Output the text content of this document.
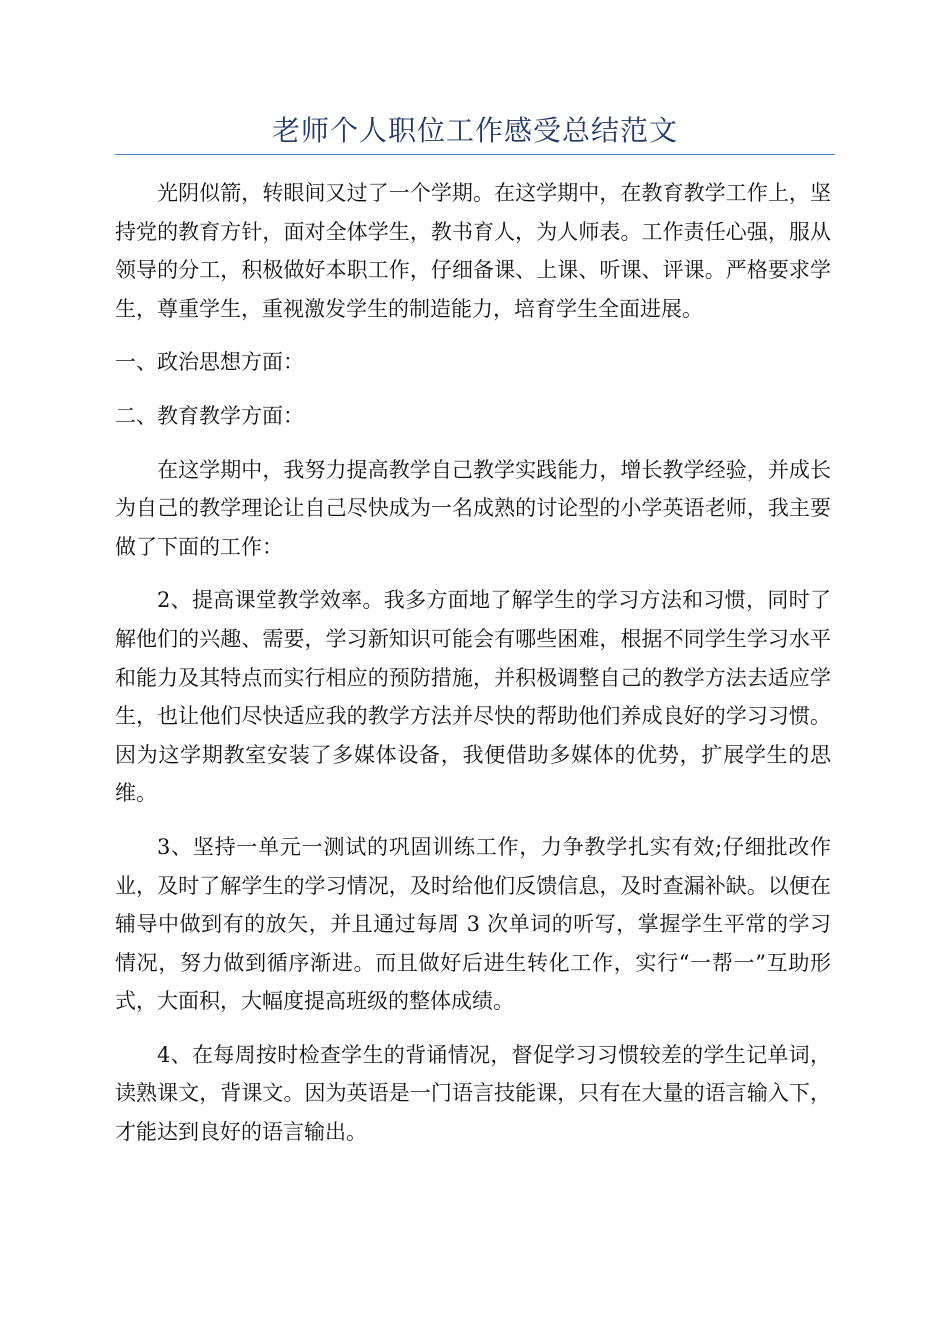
老师个人职位工作感受总结范文

光阴似箭，转眼间又过了一个学期。在这学期中，在教育教学工作上，坚持党的教育方针，面对全体学生，教书育人，为人师表。工作责任心强，服从领导的分工，积极做好本职工作，仔细备课、上课、听课、评课。严格要求学生，尊重学生，重视激发学生的制造能力，培育学生全面进展。

一、政治思想方面：

二、教育教学方面：

在这学期中，我努力提高教学自己教学实践能力，增长教学经验，并成长为自己的教学理论让自己尽快成为一名成熟的讨论型的小学英语老师，我主要做了下面的工作：

2、提高课堂教学效率。我多方面地了解学生的学习方法和习惯，同时了解他们的兴趣、需要，学习新知识可能会有哪些困难，根据不同学生学习水平和能力及其特点而实行相应的预防措施，并积极调整自己的教学方法去适应学生，也让他们尽快适应我的教学方法并尽快的帮助他们养成良好的学习习惯。因为这学期教室安装了多媒体设备，我便借助多媒体的优势，扩展学生的思维。

3、坚持一单元一测试的巩固训练工作，力争教学扎实有效;仔细批改作业，及时了解学生的学习情况，及时给他们反馈信息，及时查漏补缺。以便在辅导中做到有的放矢，并且通过每周 3 次单词的听写，掌握学生平常的学习情况，努力做到循序渐进。而且做好后进生转化工作，实行“一帮一”互助形式，大面积，大幅度提高班级的整体成绩。

4、在每周按时检查学生的背诵情况，督促学习习惯较差的学生记单词，读熟课文，背课文。因为英语是一门语言技能课，只有在大量的语言输入下，才能达到良好的语言输出。
